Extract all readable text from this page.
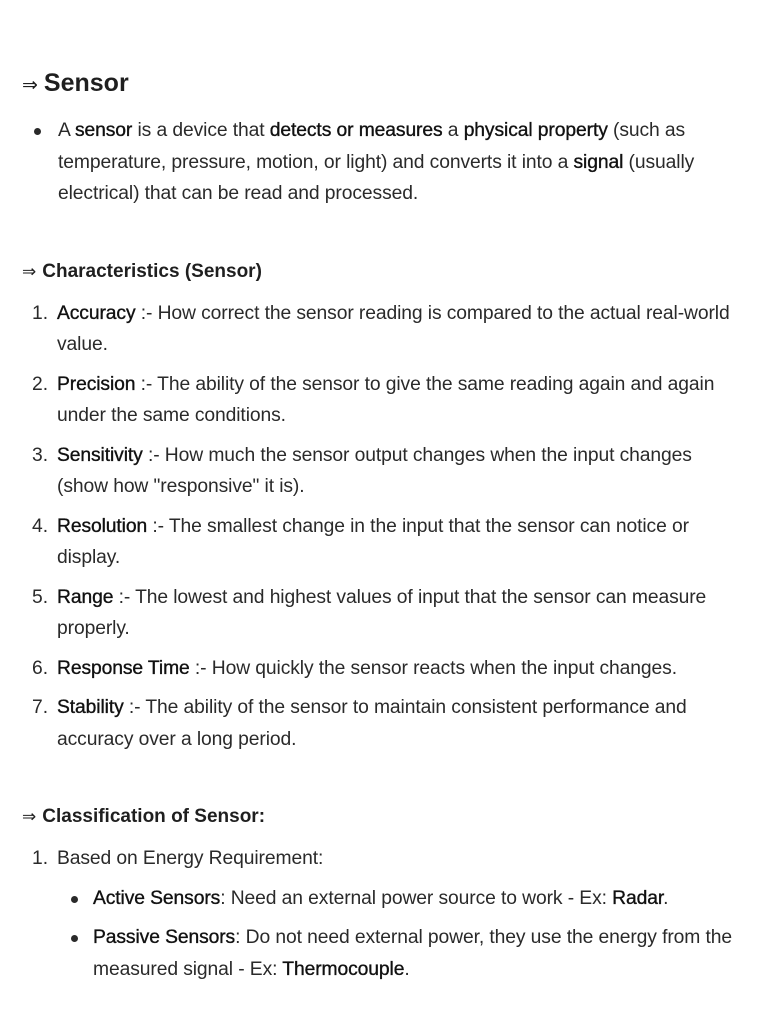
⇒ Sensor
A sensor is a device that detects or measures a physical property (such as temperature, pressure, motion, or light) and converts it into a signal (usually electrical) that can be read and processed.
⇒ Characteristics (Sensor)
1. Accuracy :- How correct the sensor reading is compared to the actual real-world value.
2. Precision :- The ability of the sensor to give the same reading again and again under the same conditions.
3. Sensitivity :- How much the sensor output changes when the input changes (show how "responsive" it is).
4. Resolution :- The smallest change in the input that the sensor can notice or display.
5. Range :- The lowest and highest values of input that the sensor can measure properly.
6. Response Time :- How quickly the sensor reacts when the input changes.
7. Stability :- The ability of the sensor to maintain consistent performance and accuracy over a long period.
⇒ Classification of Sensor:
1. Based on Energy Requirement:
Active Sensors: Need an external power source to work - Ex: Radar.
Passive Sensors: Do not need external power, they use the energy from the measured signal - Ex: Thermocouple.
